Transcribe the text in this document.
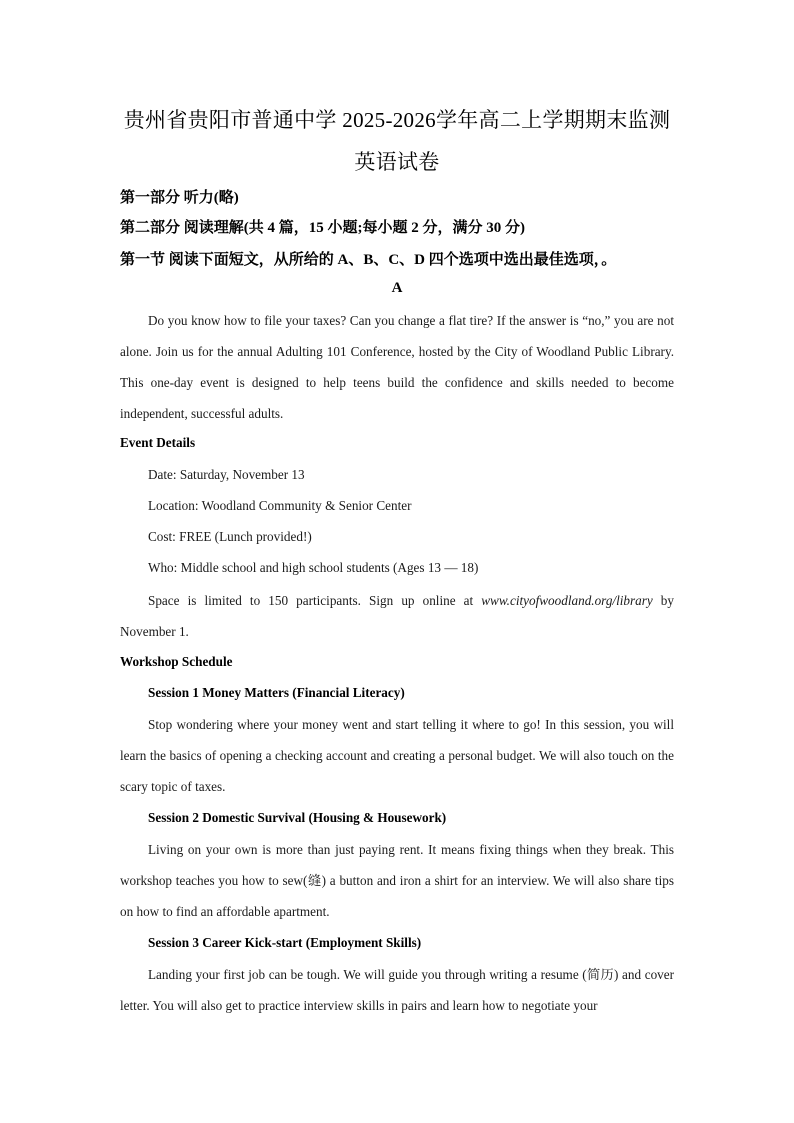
贵州省贵阳市普通中学 2025-2026学年高二上学期期末监测
英语试卷
第一部分 听力(略)
第二部分 阅读理解(共 4 篇，15 小题;每小题 2 分，满分 30 分)
第一节 阅读下面短文，从所给的 A、B、C、D 四个选项中选出最佳选项，。
A
Do you know how to file your taxes? Can you change a flat tire? If the answer is “no,” you are not alone. Join us for the annual Adulting 101 Conference, hosted by the City of Woodland Public Library. This one-day event is designed to help teens build the confidence and skills needed to become independent, successful adults.
Event Details
Date: Saturday, November 13
Location: Woodland Community & Senior Center
Cost: FREE (Lunch provided!)
Who: Middle school and high school students (Ages 13 — 18)
Space is limited to 150 participants. Sign up online at www.cityofwoodland.org/library by November 1.
Workshop Schedule
Session 1 Money Matters (Financial Literacy)
Stop wondering where your money went and start telling it where to go! In this session, you will learn the basics of opening a checking account and creating a personal budget. We will also touch on the scary topic of taxes.
Session 2 Domestic Survival (Housing & Housework)
Living on your own is more than just paying rent. It means fixing things when they break. This workshop teaches you how to sew(缝) a button and iron a shirt for an interview. We will also share tips on how to find an affordable apartment.
Session 3 Career Kick-start (Employment Skills)
Landing your first job can be tough. We will guide you through writing a resume (简历) and cover letter. You will also get to practice interview skills in pairs and learn how to negotiate your
